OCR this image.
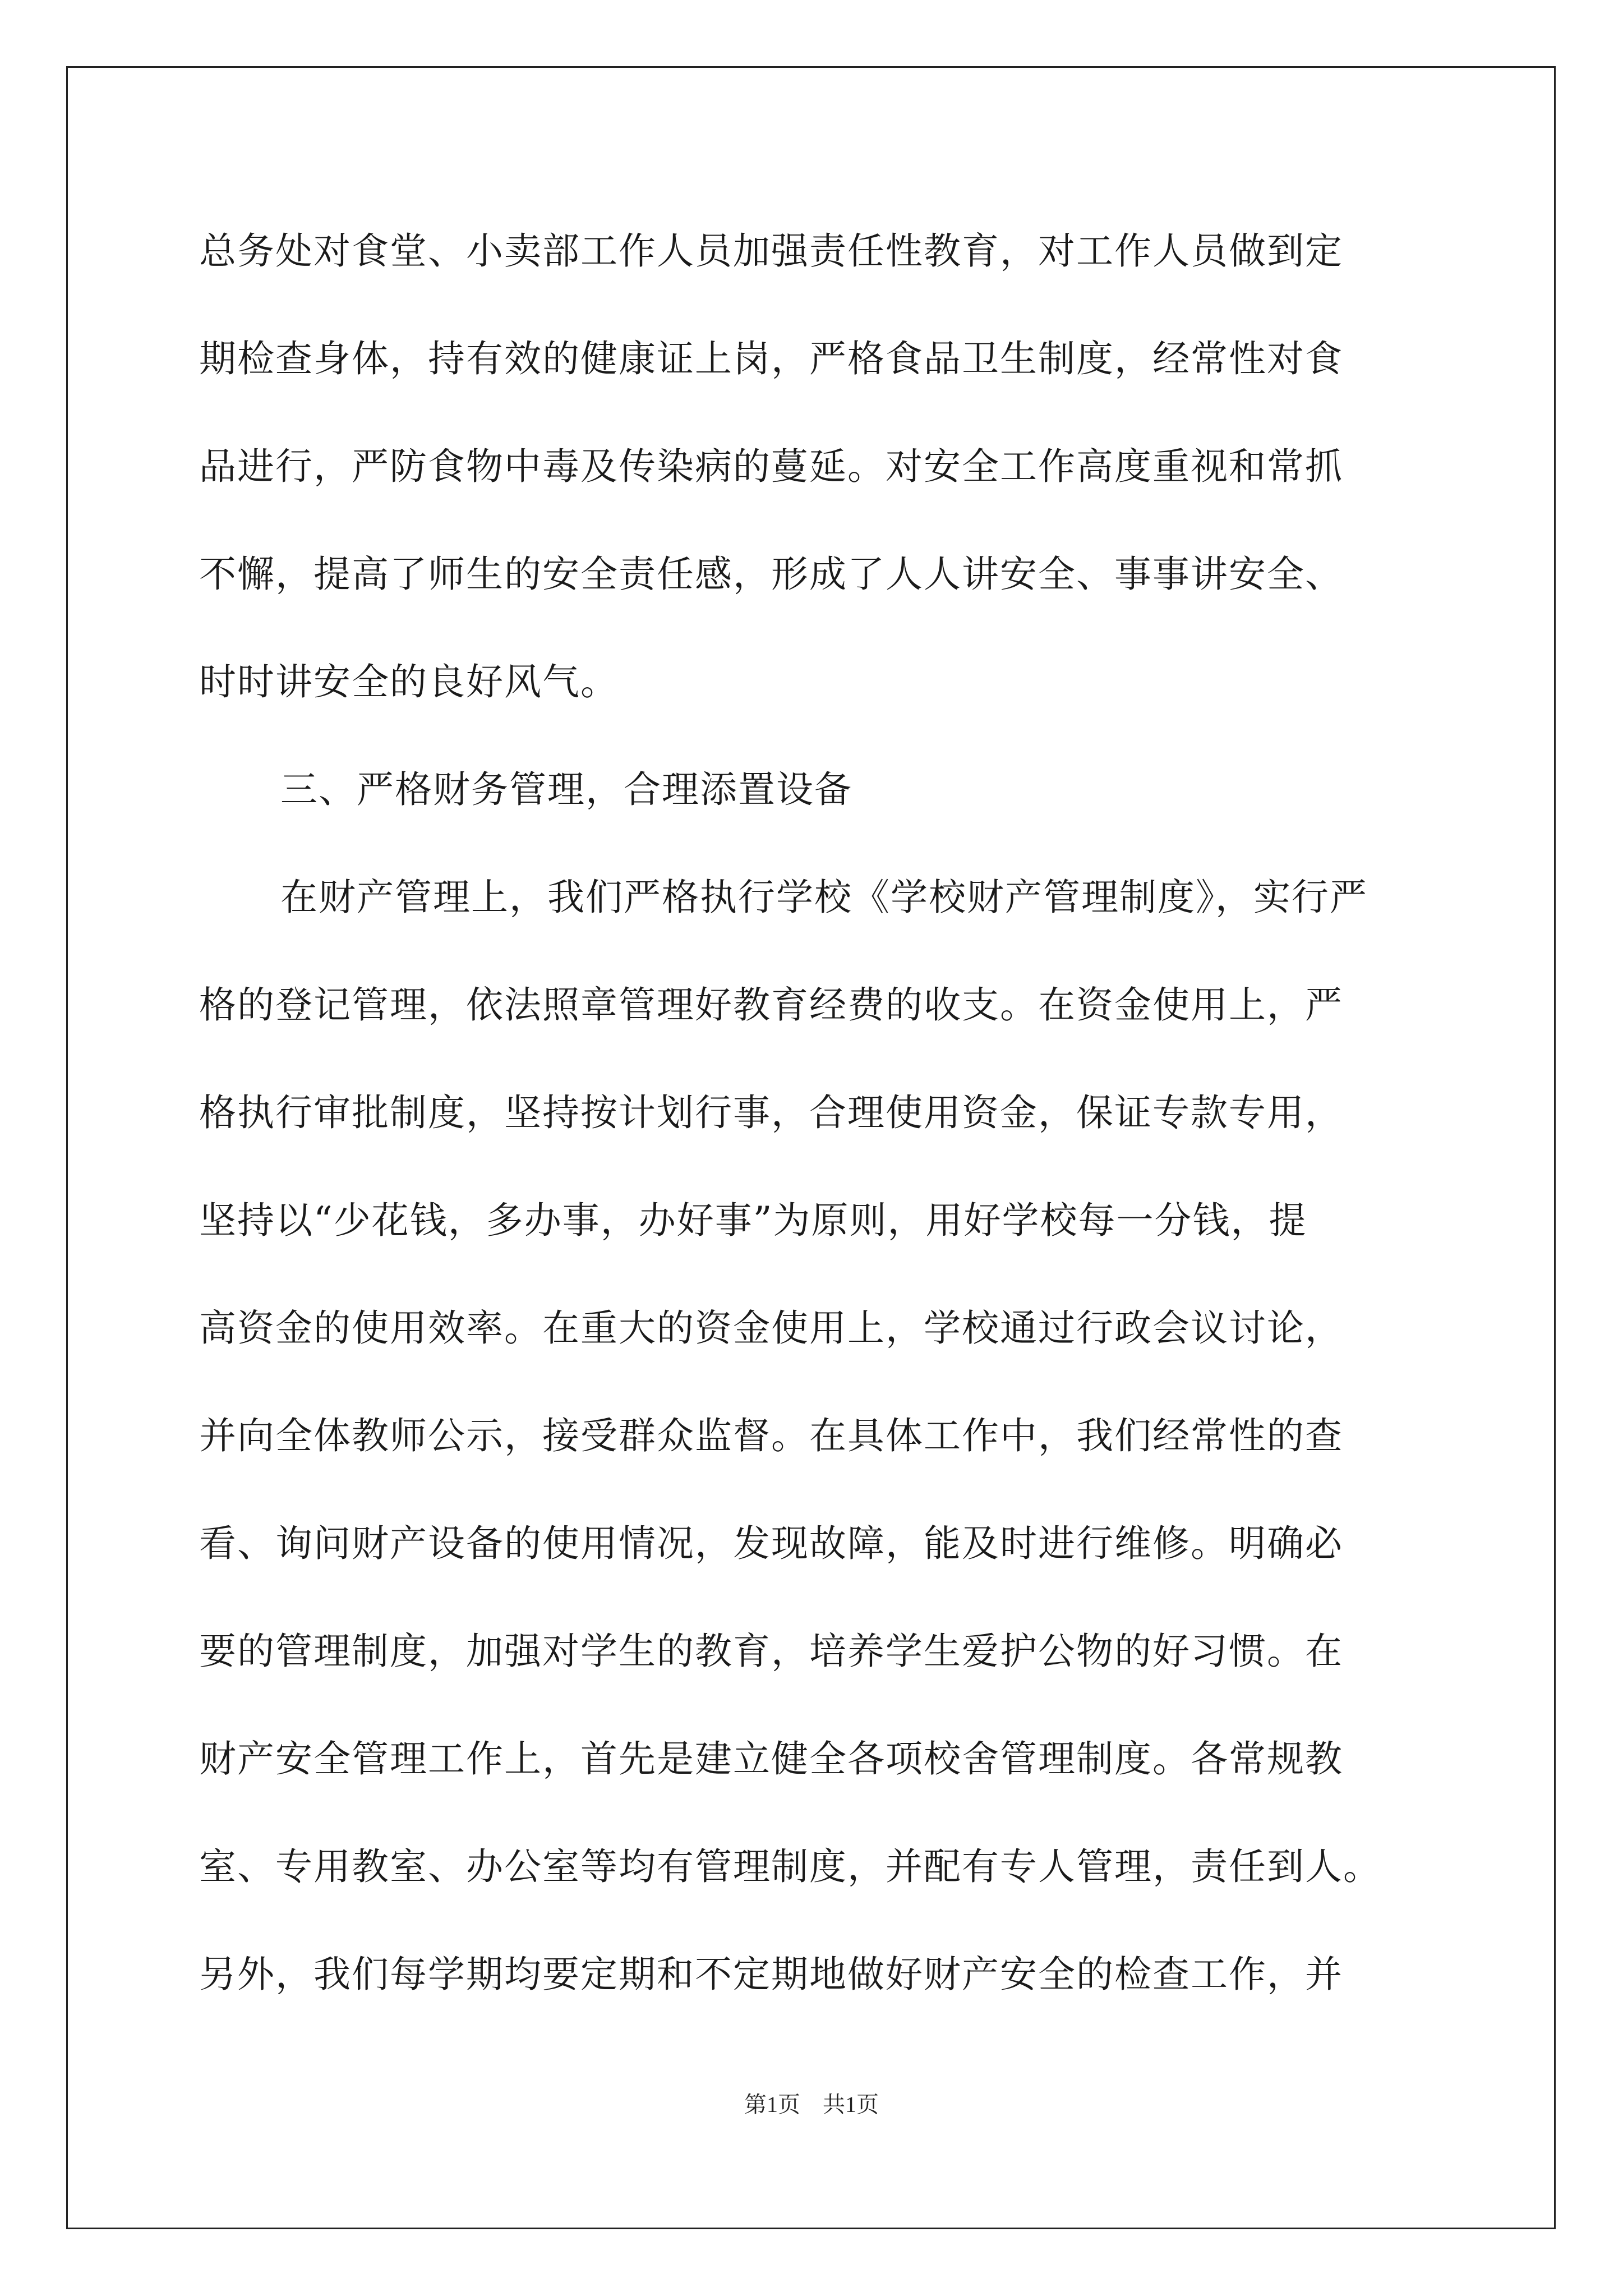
总务处对食堂、小卖部工作人员加强责任性教育，对工作人员做到定
期检查身体，持有效的健康证上岗，严格食品卫生制度，经常性对食
品进行，严防食物中毒及传染病的蔓延。对安全工作高度重视和常抓
不懈，提高了师生的安全责任感，形成了人人讲安全、事事讲安全、
时时讲安全的良好风气。
三、严格财务管理，合理添置设备
在财产管理上，我们严格执行学校《学校财产管理制度》，实行严
格的登记管理，依法照章管理好教育经费的收支。在资金使用上，严
格执行审批制度，坚持按计划行事，合理使用资金，保证专款专用，
坚持以“少花钱，多办事，办好事”为原则，用好学校每一分钱，提
高资金的使用效率。在重大的资金使用上，学校通过行政会议讨论，
并向全体教师公示，接受群众监督。在具体工作中，我们经常性的查
看、询问财产设备的使用情况，发现故障，能及时进行维修。明确必
要的管理制度，加强对学生的教育，培养学生爱护公物的好习惯。在
财产安全管理工作上，首先是建立健全各项校舍管理制度。各常规教
室、专用教室、办公室等均有管理制度，并配有专人管理，责任到人。
另外，我们每学期均要定期和不定期地做好财产安全的检查工作，并
第1页 共1页
